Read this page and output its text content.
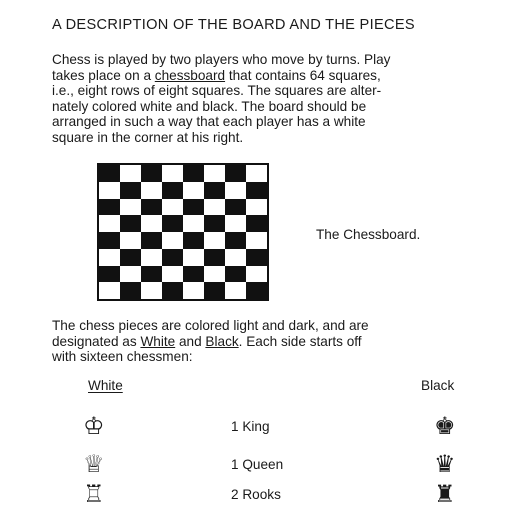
A DESCRIPTION OF THE BOARD AND THE PIECES
Chess is played by two players who move by turns. Play
takes place on a chessboard that contains 64 squares,
i.e., eight rows of eight squares. The squares are alter-
nately colored white and black. The board should be
arranged in such a way that each player has a white
square in the corner at his right.
The Chessboard.
The chess pieces are colored light and dark, and are
designated as White and Black. Each side starts off
with sixteen chessmen:
White	Black
♔	1 King	♚
♕	1 Queen	♛
♖	2 Rooks	♜
